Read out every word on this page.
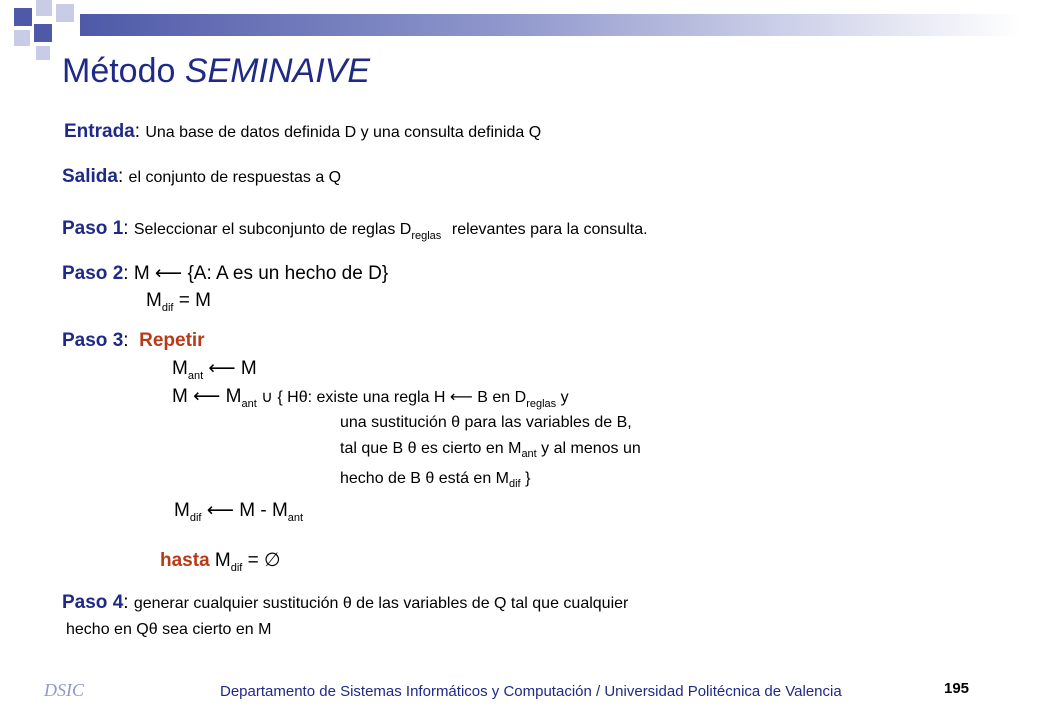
Método SEMINAIVE
Entrada: Una base de datos definida D y una consulta definida Q
Salida: el conjunto de respuestas a Q
Paso 1: Seleccionar el subconjunto de reglas $D_{reglas}$ relevantes para la consulta.
Paso 2: M ⟵ {A: A es un hecho de D}
$M_{dif} = M$
Paso 3: Repetir
$M_{ant}$ ⟵ M
M ⟵ $M_{ant}$ ∪ { Hθ: existe una regla H ⟵ B en $D_{reglas}$ y
una sustitución θ para las variables de B,
tal que B θ es cierto en $M_{ant}$ y al menos un
hecho de B θ está en $M_{dif}$ }
$M_{dif}$ ⟵ M - $M_{ant}$
hasta $M_{dif}$ = ∅
Paso 4: generar cualquier sustitución θ de las variables de Q tal que cualquier
hecho en Qθ sea cierto en M
DSIC	Departamento de Sistemas Informáticos y Computación / Universidad Politécnica de Valencia	195
